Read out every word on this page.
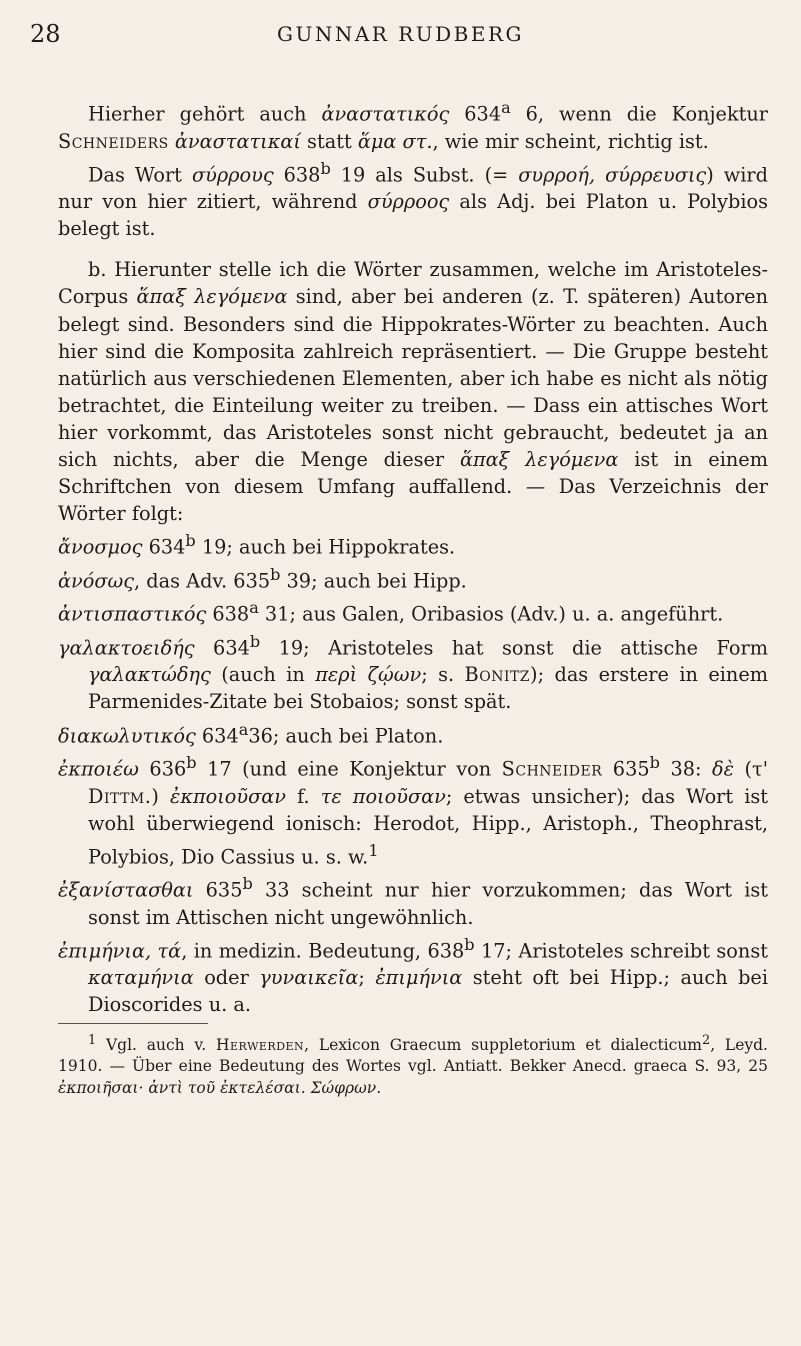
28	GUNNAR RUDBERG

Hierher gehört auch ἀναστατικός 634$^a$ 6, wenn die Konjektur Schneiders ἀναστατικαί statt ἅμα στ., wie mir scheint, richtig ist.

Das Wort σύρρους 638$^b$ 19 als Subst. (= συρροή, σύρρευσις) wird nur von hier zitiert, während σύρροος als Adj. bei Platon u. Polybios belegt ist.

b. Hierunter stelle ich die Wörter zusammen, welche im Aristoteles-Corpus ἅπαξ λεγόμενα sind, aber bei anderen (z. T. späteren) Autoren belegt sind. Besonders sind die Hippokrates-Wörter zu beachten. Auch hier sind die Komposita zahlreich repräsentiert. — Die Gruppe besteht natürlich aus verschiedenen Elementen, aber ich habe es nicht als nötig betrachtet, die Einteilung weiter zu treiben. — Dass ein attisches Wort hier vorkommt, das Aristoteles sonst nicht gebraucht, bedeutet ja an sich nichts, aber die Menge dieser ἅπαξ λεγόμενα ist in einem Schriftchen von diesem Umfang auffallend. — Das Verzeichnis der Wörter folgt:

ἄνοσμος 634$^b$ 19; auch bei Hippokrates.

ἀνόσως, das Adv. 635$^b$ 39; auch bei Hipp.

ἀντισπαστικός 638$^a$ 31; aus Galen, Oribasios (Adv.) u. a. angeführt.

γαλακτοειδής 634$^b$ 19; Aristoteles hat sonst die attische Form γαλακτώδης (auch in περὶ ζῴων; s. Bonitz); das erstere in einem Parmenides-Zitate bei Stobaios; sonst spät.

διακωλυτικός 634$^a$36; auch bei Platon.

ἐκποιέω 636$^b$ 17 (und eine Konjektur von Schneider 635$^b$ 38: δὲ (τ' Dittm.) ἐκποιοῦσαν f. τε ποιοῦσαν; etwas unsicher); das Wort ist wohl überwiegend ionisch: Herodot, Hipp., Aristoph., Theophrast, Polybios, Dio Cassius u. s. w.$^1$

ἐξανίστασθαι 635$^b$ 33 scheint nur hier vorzukommen; das Wort ist sonst im Attischen nicht ungewöhnlich.

ἐπιμήνια, τά, in medizin. Bedeutung, 638$^b$ 17; Aristoteles schreibt sonst καταμήνια oder γυναικεῖα; ἐπιμήνια steht oft bei Hipp.; auch bei Dioscorides u. a.

$^1$ Vgl. auch v. Herwerden, Lexicon Graecum suppletorium et dialecticum$^2$, Leyd. 1910. — Über eine Bedeutung des Wortes vgl. Antiatt. Bekker Anecd. graeca S. 93, 25 ἐκποιῆσαι· ἀντὶ τοῦ ἐκτελέσαι. Σώφρων.
